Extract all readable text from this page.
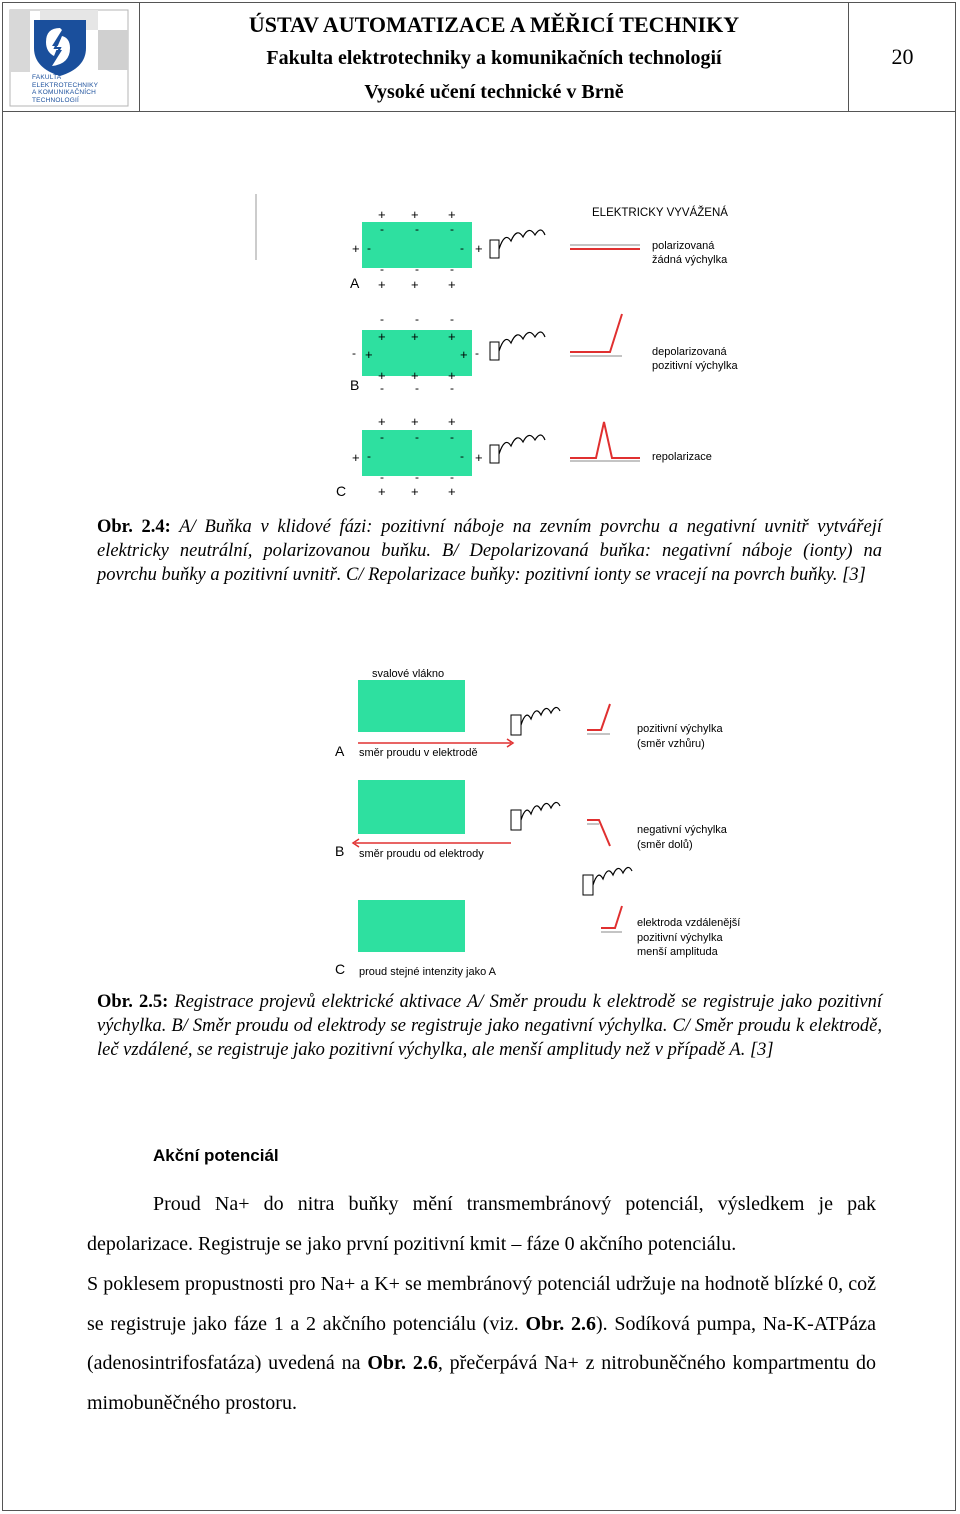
FAKULTA
ELEKTROTECHNIKY
A KOMUNIKAČNÍCH
TECHNOLOGIÍ
ÚSTAV AUTOMATIZACE A MĚŘICÍ TECHNIKY
Fakulta elektrotechniky a komunikačních technologií
Vysoké učení technické v Brně
20
+ + +
-	-	-
+ -	- +
-	-	-
+ + +
A
ELEKTRICKY VYVÁŽENÁ
polarizovaná
žádná výchylka
-	-	-
+ + +
- +	+ -
+ + +
-	-	-
B
depolarizovaná
pozitivní výchylka
+ + +
-	-	-
+ -	- +
-	-	-
+ + +
C
repolarizace
Obr. 2.4: A/ Buňka v klidové fázi: pozitivní náboje na zevním povrchu a negativní uvnitř vytvářejí elektricky neutrální, polarizovanou buňku. B/ Depolarizovaná buňka: negativní náboje (ionty) na povrchu buňky a pozitivní uvnitř. C/ Repolarizace buňky: pozitivní ionty se vracejí na povrch buňky. [3]
svalové vlákno
A směr proudu v elektrodě
pozitivní výchylka
(směr vzhůru)
B směr proudu od elektrody
negativní výchylka
(směr dolů)
C proud stejné intenzity jako A
elektroda vzdálenější
pozitivní výchylka
menší amplituda
Obr. 2.5: Registrace projevů elektrické aktivace A/ Směr proudu k elektrodě se registruje jako pozitivní výchylka. B/ Směr proudu od elektrody se registruje jako negativní výchylka. C/ Směr proudu k elektrodě, leč vzdálené, se registruje jako pozitivní výchylka, ale menší amplitudy než v případě A. [3]
Akční potenciál
Proud Na+ do nitra buňky mění transmembránový potenciál, výsledkem je pak depolarizace. Registruje se jako první pozitivní kmit – fáze 0 akčního potenciálu.
S poklesem propustnosti pro Na+ a K+ se membránový potenciál udržuje na hodnotě blízké 0, což se registruje jako fáze 1 a 2 akčního potenciálu (viz. Obr. 2.6). Sodíková pumpa, Na-K-ATPáza (adenosintrifosfatáza) uvedená na Obr. 2.6, přečerpává Na+ z nitrobuněčného kompartmentu do mimobuněčného prostoru.
